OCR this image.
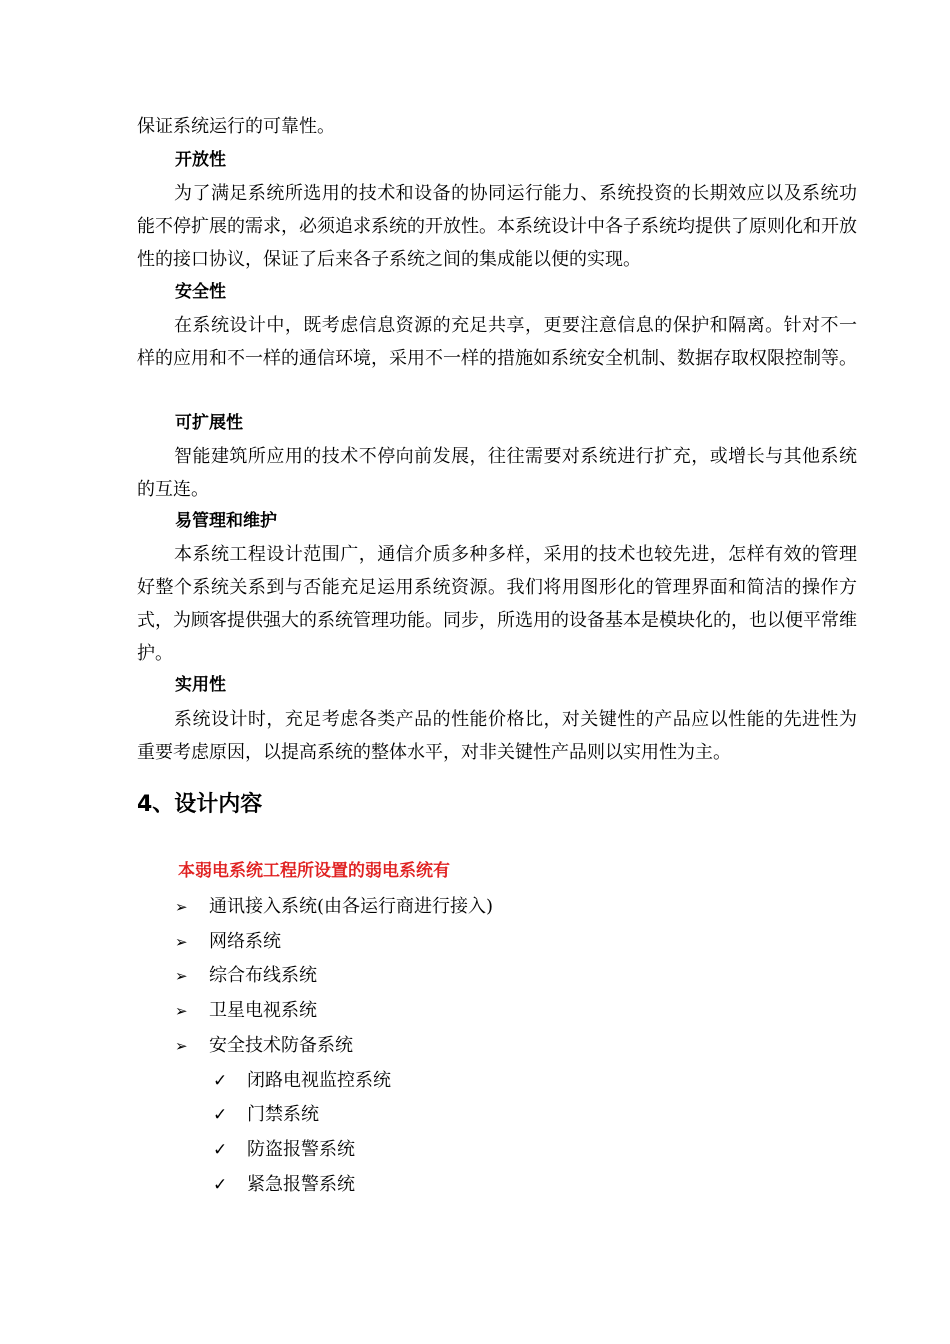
保证系统运行的可靠性。
开放性
为了满足系统所选用的技术和设备的协同运行能力、系统投资的长期效应以及系统功能不停扩展的需求，必须追求系统的开放性。本系统设计中各子系统均提供了原则化和开放性的接口协议，保证了后来各子系统之间的集成能以便的实现。
安全性
在系统设计中，既考虑信息资源的充足共享，更要注意信息的保护和隔离。针对不一样的应用和不一样的通信环境，采用不一样的措施如系统安全机制、数据存取权限控制等。
可扩展性
智能建筑所应用的技术不停向前发展，往往需要对系统进行扩充，或增长与其他系统的互连。
易管理和维护
本系统工程设计范围广，通信介质多种多样，采用的技术也较先进，怎样有效的管理好整个系统关系到与否能充足运用系统资源。我们将用图形化的管理界面和简洁的操作方式，为顾客提供强大的系统管理功能。同步，所选用的设备基本是模块化的，也以便平常维护。
实用性
系统设计时，充足考虑各类产品的性能价格比，对关键性的产品应以性能的先进性为重要考虑原因，以提高系统的整体水平，对非关键性产品则以实用性为主。
4、设计内容
本弱电系统工程所设置的弱电系统有
➢ 通讯接入系统(由各运行商进行接入)
➢ 网络系统
➢ 综合布线系统
➢ 卫星电视系统
➢ 安全技术防备系统
✓ 闭路电视监控系统
✓ 门禁系统
✓ 防盗报警系统
✓ 紧急报警系统
